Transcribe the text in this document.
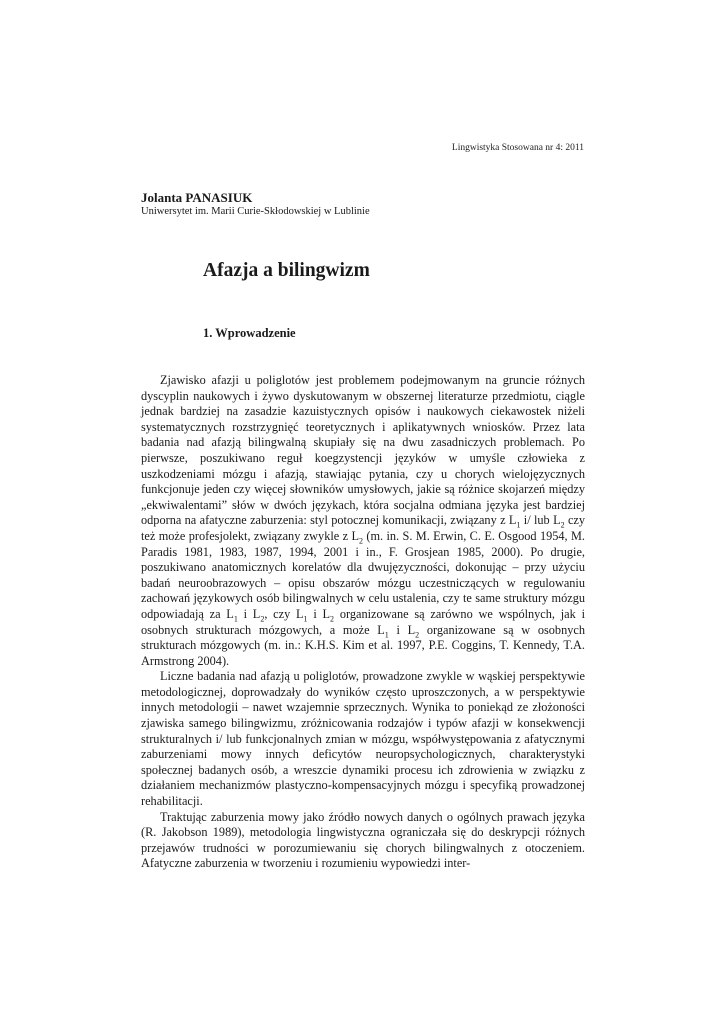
Lingwistyka Stosowana nr 4: 2011
Jolanta PANASIUK
Uniwersytet im. Marii Curie-Skłodowskiej w Lublinie
Afazja a bilingwizm
1. Wprowadzenie

Zjawisko afazji u poliglotów jest problemem podejmowanym na gruncie różnych dyscyplin naukowych i żywo dyskutowanym w obszernej literaturze przedmiotu, ciągle jednak bardziej na zasadzie kazuistycznych opisów i naukowych ciekawostek niżeli systematycznych rozstrzygnięć teoretycznych i aplikatywnych wniosków. Przez lata badania nad afazją bilingwalną skupiały się na dwu zasadniczych problemach. Po pierwsze, poszukiwano reguł koegzystencji języków w umyśle człowieka z uszkodzeniami mózgu i afazją, stawiając pytania, czy u chorych wielojęzycznych funkcjonuje jeden czy więcej słowników umysłowych, jakie są różnice skojarzeń między „ekwiwalentami” słów w dwóch językach, która socjalna odmiana języka jest bardziej odporna na afatyczne zaburzenia: styl potocznej komunikacji, związany z $L_1$ i/ lub $L_2$ czy też może profesjolekt, związany zwykle z $L_2$ (m. in. S. M. Erwin, C. E. Osgood 1954, M. Paradis 1981, 1983, 1987, 1994, 2001 i in., F. Grosjean 1985, 2000). Po drugie, poszukiwano anatomicznych korelatów dla dwujęzyczności, dokonując – przy użyciu badań neuroobrazowych – opisu obszarów mózgu uczestniczących w regulowaniu zachowań językowych osób bilingwalnych w celu ustalenia, czy te same struktury mózgu odpowiadają za $L_1$ i $L_2$, czy $L_1$ i $L_2$ organizowane są zarówno we wspólnych, jak i osobnych strukturach mózgowych, a może $L_1$ i $L_2$ organizowane są w osobnych strukturach mózgowych (m. in.: K.H.S. Kim et al. 1997, P.E. Coggins, T. Kennedy, T.A. Armstrong 2004).

Liczne badania nad afazją u poliglotów, prowadzone zwykle w wąskiej perspektywie metodologicznej, doprowadzały do wyników często uproszczonych, a w perspektywie innych metodologii – nawet wzajemnie sprzecznych. Wynika to poniekąd ze złożoności zjawiska samego bilingwizmu, zróżnicowania rodzajów i typów afazji w konsekwencji strukturalnych i/ lub funkcjonalnych zmian w mózgu, współwystępowania z afatycznymi zaburzeniami mowy innych deficytów neuropsychologicznych, charakterystyki społecznej badanych osób, a wreszcie dynamiki procesu ich zdrowienia w związku z działaniem mechanizmów plastyczno-kompensacyjnych mózgu i specyfiką prowadzonej rehabilitacji.

Traktując zaburzenia mowy jako źródło nowych danych o ogólnych prawach języka (R. Jakobson 1989), metodologia lingwistyczna ograniczała się do deskrypcji różnych przejawów trudności w porozumiewaniu się chorych bilingwalnych z otoczeniem. Afatyczne zaburzenia w tworzeniu i rozumieniu wypowiedzi inter-
